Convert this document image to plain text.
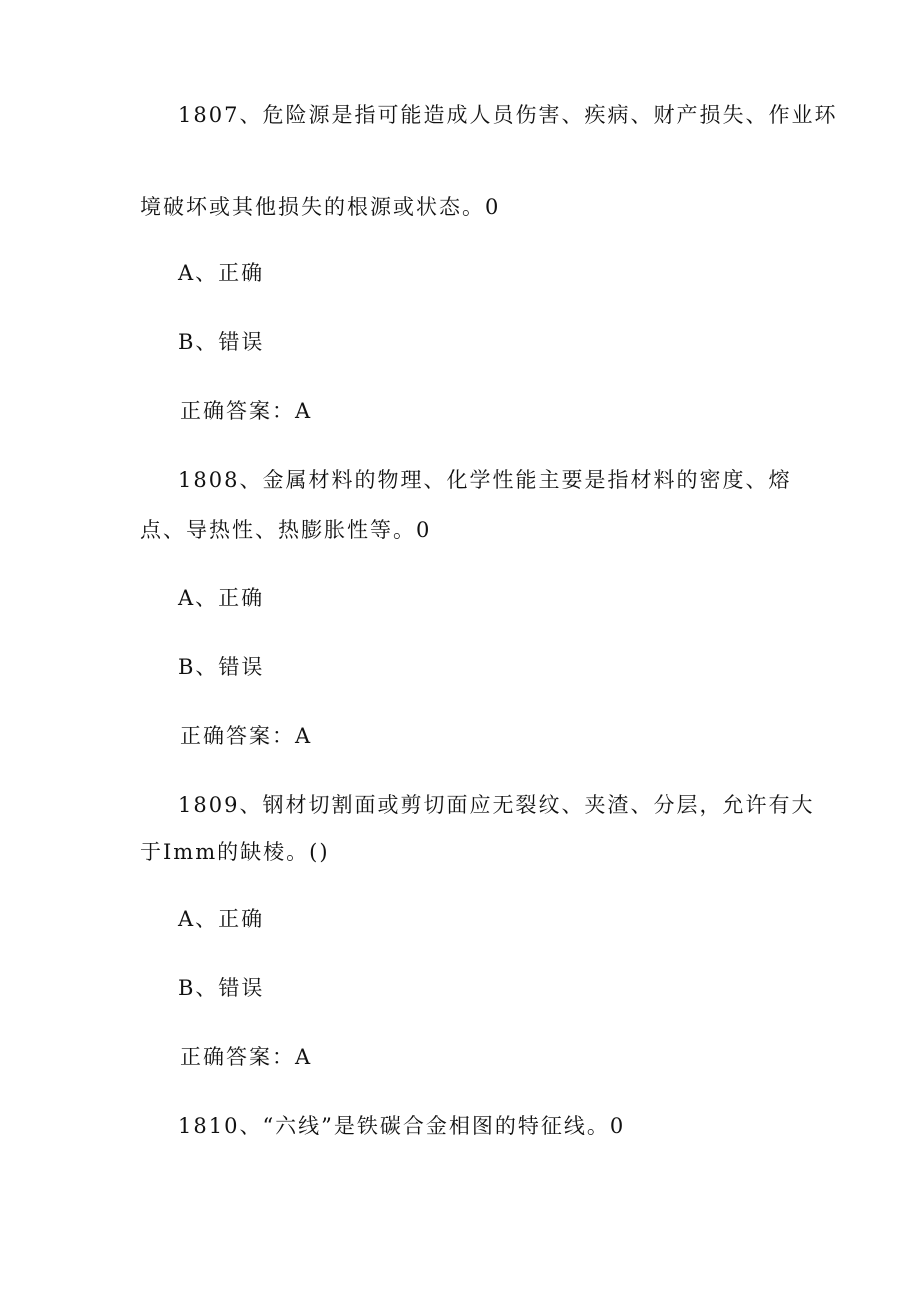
1807、危险源是指可能造成人员伤害、疾病、财产损失、作业环
境破坏或其他损失的根源或状态。0
A、正确
B、错误
正确答案：A
1808、金属材料的物理、化学性能主要是指材料的密度、熔
点、导热性、热膨胀性等。0
A、正确
B、错误
正确答案：A
1809、钢材切割面或剪切面应无裂纹、夹渣、分层，允许有大
于Imm的缺棱。()
A、正确
B、错误
正确答案：A
1810、“六线”是铁碳合金相图的特征线。0
